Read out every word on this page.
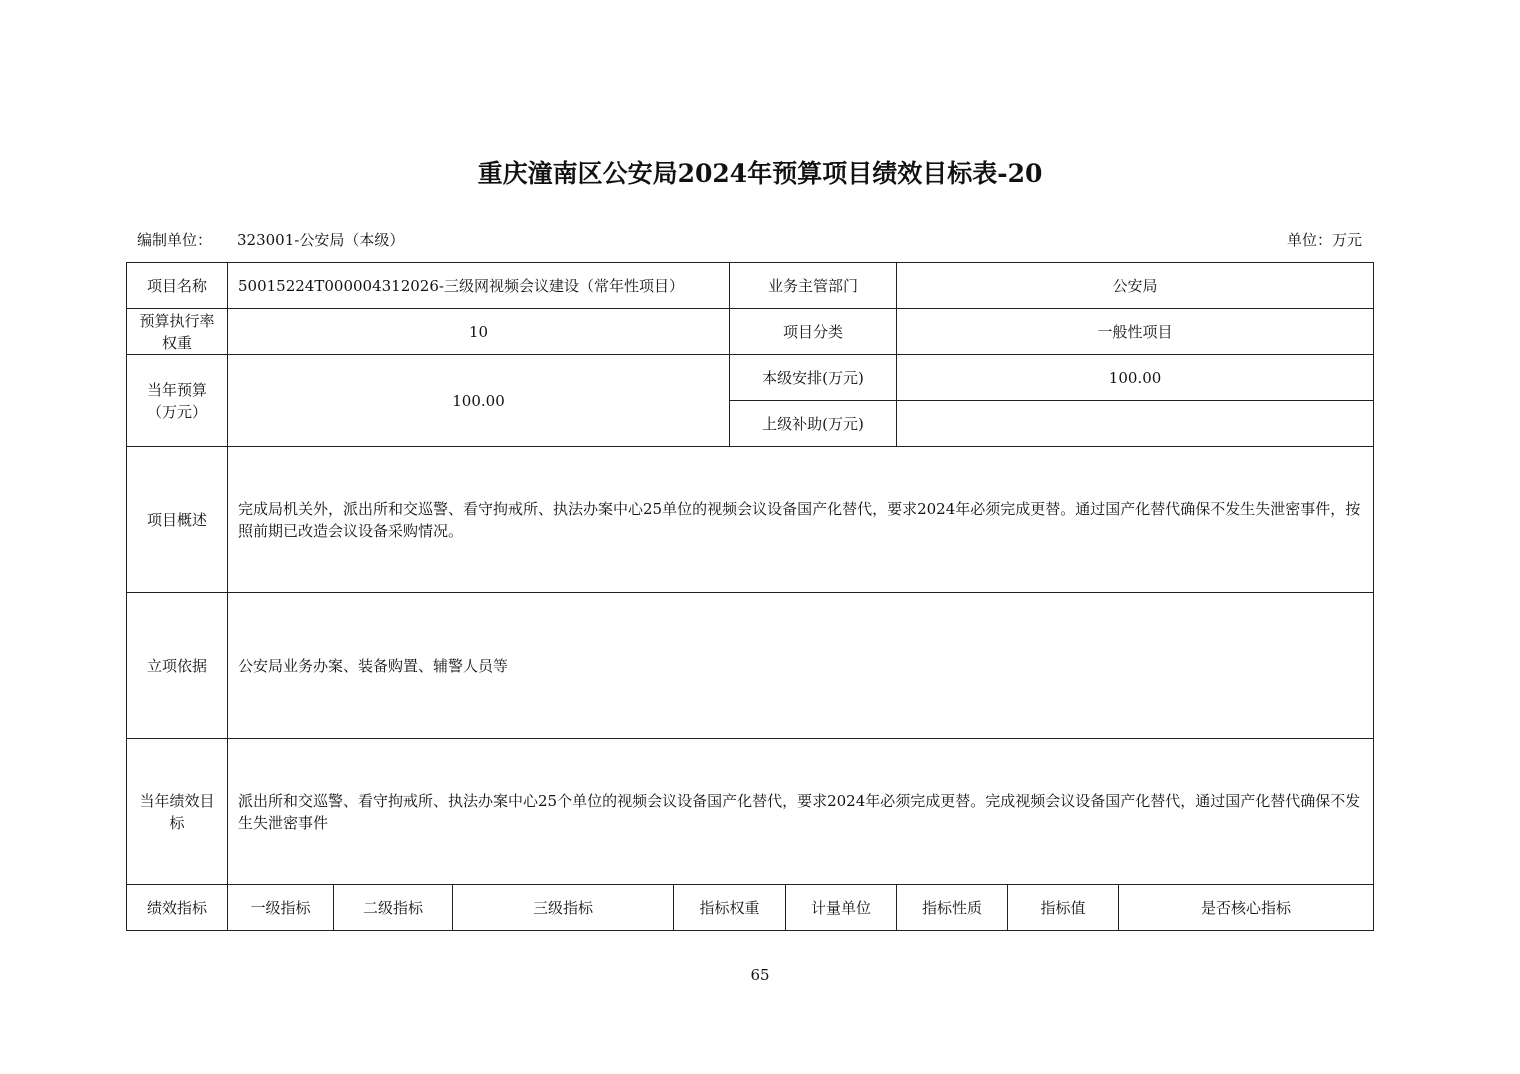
重庆潼南区公安局2024年预算项目绩效目标表-20
编制单位： 323001-公安局（本级）	单位：万元
项目名称	50015224T000004312026-三级网视频会议建设（常年性项目）				业务主管部门		公安局		
预算执行率权重	10				项目分类		一般性项目		
当年预算（万元）	100.00				本级安排(万元)		100.00		
					上级补助(万元)				
项目概述	完成局机关外，派出所和交巡警、看守拘戒所、执法办案中心25单位的视频会议设备国产化替代，要求2024年必须完成更替。通过国产化替代确保不发生失泄密事件，按照前期已改造会议设备采购情况。								
立项依据	公安局业务办案、装备购置、辅警人员等								
当年绩效目标	派出所和交巡警、看守拘戒所、执法办案中心25个单位的视频会议设备国产化替代，要求2024年必须完成更替。完成视频会议设备国产化替代，通过国产化替代确保不发生失泄密事件								
绩效指标	一级指标	二级指标	三级指标	指标权重		计量单位	指标性质	指标值	是否核心指标
65
